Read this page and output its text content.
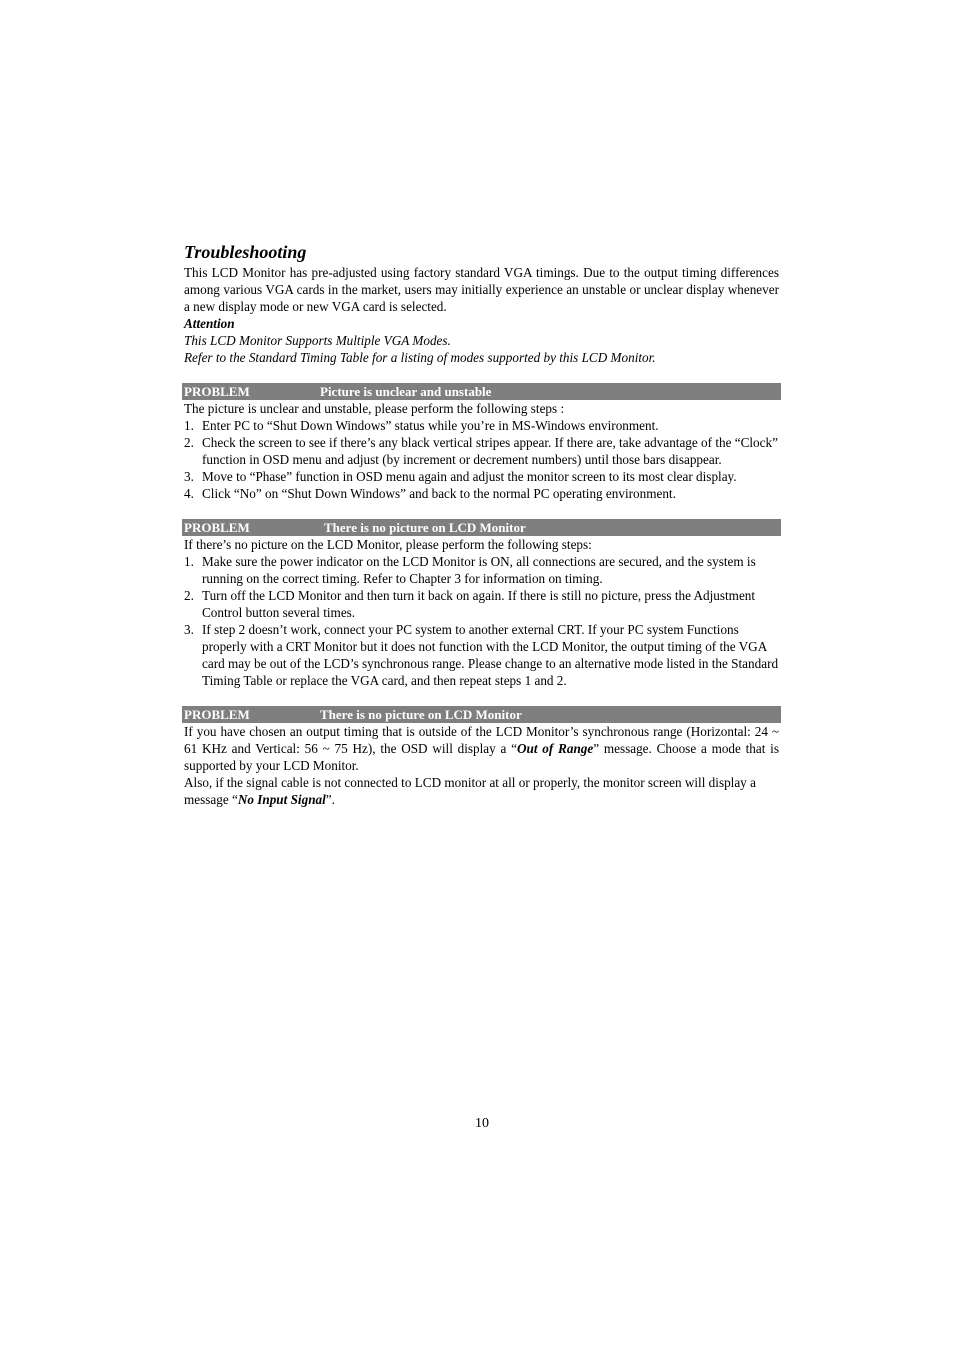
Troubleshooting

This LCD Monitor has pre-adjusted using factory standard VGA timings. Due to the output timing differences among various VGA cards in the market, users may initially experience an unstable or unclear display whenever a new display mode or new VGA card is selected.

Attention

This LCD Monitor Supports Multiple VGA Modes.

Refer to the Standard Timing Table for a listing of modes supported by this LCD Monitor.

PROBLEM	Picture is unclear and unstable

The picture is unclear and unstable, please perform the following steps :

1. Enter PC to “Shut Down Windows” status while you’re in MS-Windows environment.
2. Check the screen to see if there’s any black vertical stripes appear. If there are, take advantage of the “Clock” function in OSD menu and adjust (by increment or decrement numbers) until those bars disappear.
3. Move to “Phase” function in OSD menu again and adjust the monitor screen to its most clear display.
4. Click “No” on “Shut Down Windows” and back to the normal PC operating environment.
PROBLEM	There is no picture on LCD Monitor

If there’s no picture on the LCD Monitor, please perform the following steps:

1. Make sure the power indicator on the LCD Monitor is ON, all connections are secured, and the system is running on the correct timing. Refer to Chapter 3 for information on timing.
2. Turn off the LCD Monitor and then turn it back on again. If there is still no picture, press the Adjustment Control button several times.
3. If step 2 doesn’t work, connect your PC system to another external CRT. If your PC system Functions properly with a CRT Monitor but it does not function with the LCD Monitor, the output timing of the VGA card may be out of the LCD’s synchronous range. Please change to an alternative mode listed in the Standard Timing Table or replace the VGA card, and then repeat steps 1 and 2.
PROBLEM	There is no picture on LCD Monitor

If you have chosen an output timing that is outside of the LCD Monitor’s synchronous range (Horizontal: 24 ~ 61 KHz and Vertical: 56 ~ 75 Hz), the OSD will display a “Out of Range” message. Choose a mode that is supported by your LCD Monitor.

Also, if the signal cable is not connected to LCD monitor at all or properly, the monitor screen will display a message “No Input Signal”.

10
